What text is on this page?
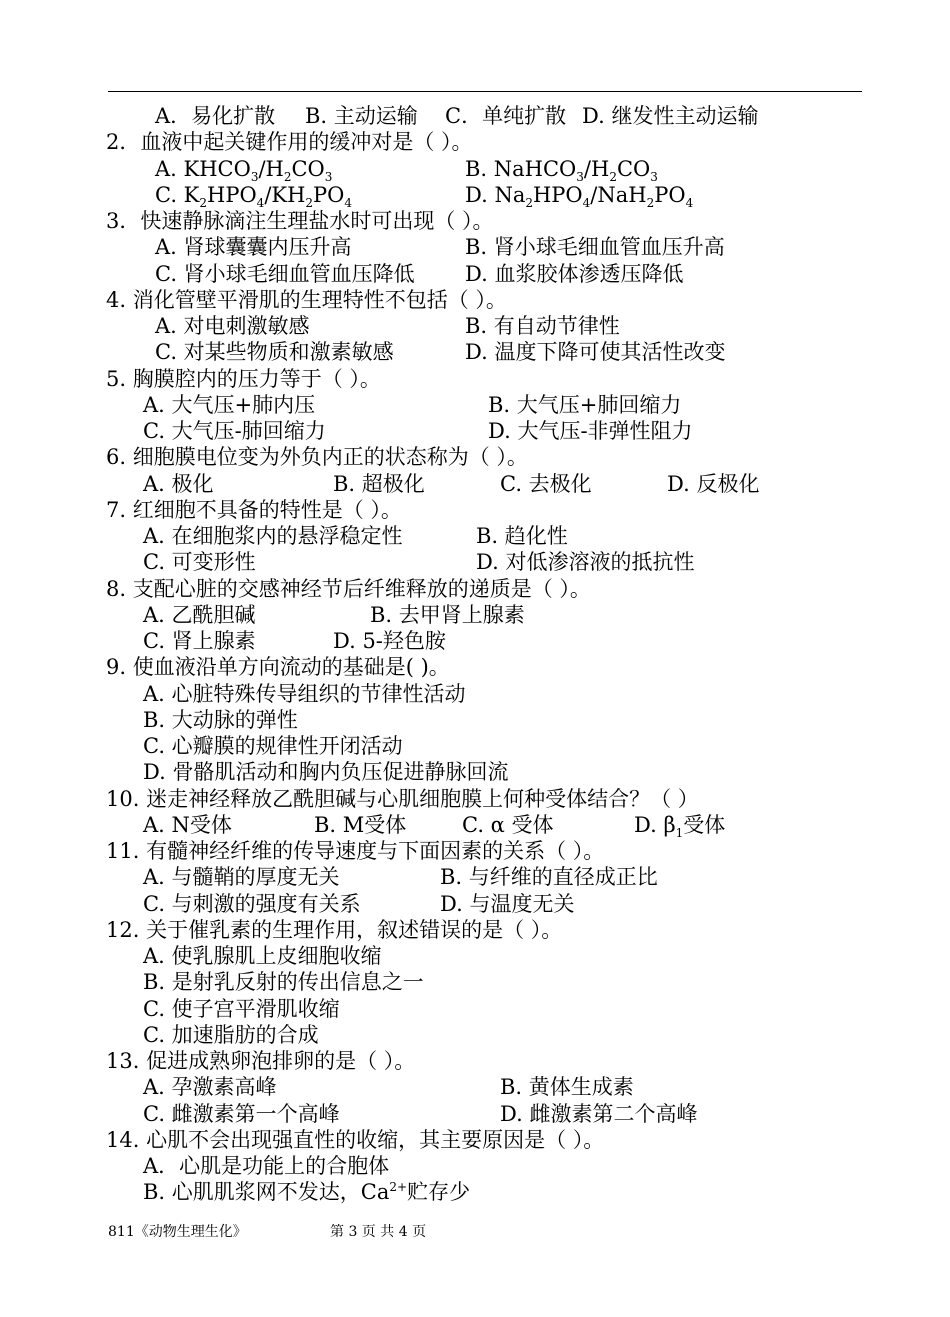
A．易化扩散 B. 主动运输 C．单纯扩散 D. 继发性主动运输
2．血液中起关键作用的缓冲对是（ ）。
A. $KHCO_3/H_2CO_3$	B. $NaHCO_3/H_2CO_3$
C. $K_2HPO_4/KH_2PO_4$	D. $Na_2HPO_4/NaH_2PO_4$
3．快速静脉滴注生理盐水时可出现（ ）。
A. 肾球囊囊内压升高	B. 肾小球毛细血管血压升高
C. 肾小球毛细血管血压降低 D. 血浆胶体渗透压降低
4. 消化管壁平滑肌的生理特性不包括（ ）。
A. 对电刺激敏感	B. 有自动节律性
C. 对某些物质和激素敏感	D. 温度下降可使其活性改变
5. 胸膜腔内的压力等于（ ）。
A. 大气压+肺内压	B. 大气压+肺回缩力
C. 大气压-肺回缩力	D. 大气压-非弹性阻力
6. 细胞膜电位变为外负内正的状态称为（ ）。
A. 极化	B. 超极化	C. 去极化	D. 反极化
7. 红细胞不具备的特性是（ ）。
A. 在细胞浆内的悬浮稳定性	B. 趋化性
C. 可变形性	D. 对低渗溶液的抵抗性
8. 支配心脏的交感神经节后纤维释放的递质是（ ）。
A. 乙酰胆碱	B. 去甲肾上腺素
C. 肾上腺素	D. 5-羟色胺
9. 使血液沿单方向流动的基础是( )。
A. 心脏特殊传导组织的节律性活动
B. 大动脉的弹性
C. 心瓣膜的规律性开闭活动
D. 骨骼肌活动和胸内负压促进静脉回流
10. 迷走神经释放乙酰胆碱与心肌细胞膜上何种受体结合？（ ）
A. N受体	B. M受体	C. α 受体	D. $\beta_1$受体
11. 有髓神经纤维的传导速度与下面因素的关系（ ）。
A. 与髓鞘的厚度无关	B. 与纤维的直径成正比
C. 与刺激的强度有关系	D. 与温度无关
12. 关于催乳素的生理作用，叙述错误的是（ ）。
A. 使乳腺肌上皮细胞收缩
B. 是射乳反射的传出信息之一
C. 使子宫平滑肌收缩
C. 加速脂肪的合成
13. 促进成熟卵泡排卵的是（ ）。
A. 孕激素高峰	B. 黄体生成素
C. 雌激素第一个高峰	D. 雌激素第二个高峰
14. 心肌不会出现强直性的收缩，其主要原因是（ ）。
A．心肌是功能上的合胞体
B. 心肌肌浆网不发达，$Ca^{2+}$贮存少
811《动物生理生化》	第 3 页 共 4 页
